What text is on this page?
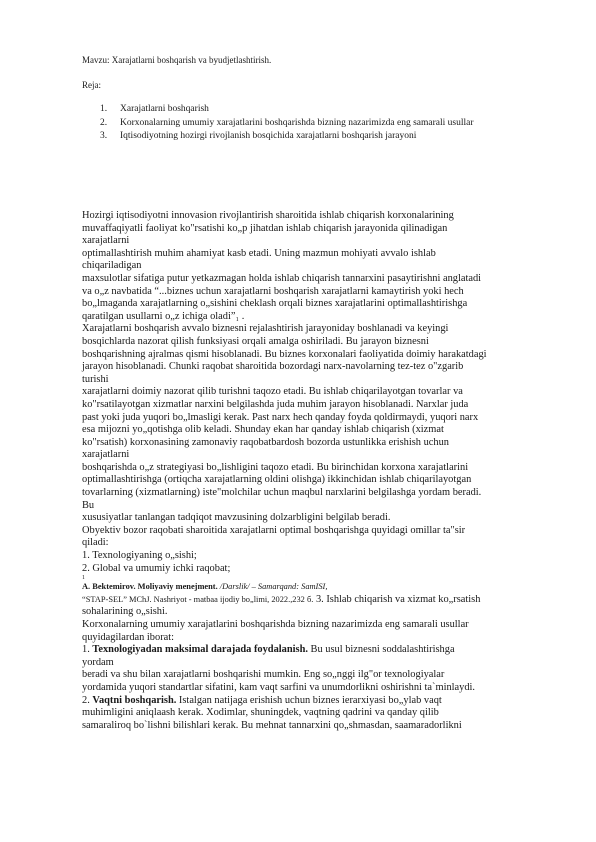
Mavzu: Xarajatlarni boshqarish va byudjetlashtirish.
Reja:
1. Xarajatlarni boshqarish
2. Korxonalarning umumiy xarajatlarini boshqarishda bizning nazarimizda eng samarali usullar
3. Iqtisodiyotning hozirgi rivojlanish bosqichida xarajatlarni boshqarish jarayoni
Hozirgi iqtisodiyotni innovasion rivojlantirish sharoitida ishlab chiqarish korxonalarining
muvaffaqiyatli faoliyat ko"rsatishi ko„p jihatdan ishlab chiqarish jarayonida qilinadigan
xarajatlarni
optimallashtirish muhim ahamiyat kasb etadi. Uning mazmun mohiyati avvalo ishlab
chiqariladigan
maxsulotlar sifatiga putur yetkazmagan holda ishlab chiqarish tannarxini pasaytirishni anglatadi
va o„z navbatida “...biznes uchun xarajatlarni boshqarish xarajatlarni kamaytirish yoki hech
bo„lmaganda xarajatlarning o„sishini cheklash orqali biznes xarajatlarini optimallashtirishga
qaratilgan usullarni o„z ichiga oladi”₁ .
Xarajatlarni boshqarish avvalo biznesni rejalashtirish jarayoniday boshlanadi va keyingi
bosqichlarda nazorat qilish funksiyasi orqali amalga oshiriladi. Bu jarayon biznesni
boshqarishning ajralmas qismi hisoblanadi. Bu biznes korxonalari faoliyatida doimiy harakatdagi
jarayon hisoblanadi. Chunki raqobat sharoitida bozordagi narx-navolarning tez-tez o"zgarib
turishi
xarajatlarni doimiy nazorat qilib turishni taqozo etadi. Bu ishlab chiqarilayotgan tovarlar va
ko"rsatilayotgan xizmatlar narxini belgilashda juda muhim jarayon hisoblanadi. Narxlar juda
past yoki juda yuqori bo„lmasligi kerak. Past narx hech qanday foyda qoldirmaydi, yuqori narx
esa mijozni yo„qotishga olib keladi. Shunday ekan har qanday ishlab chiqarish (xizmat
ko"rsatish) korxonasining zamonaviy raqobatbardosh bozorda ustunlikka erishish uchun
xarajatlarni
boshqarishda o„z strategiyasi bo„lishligini taqozo etadi. Bu birinchidan korxona xarajatlarini
optimallashtirishga (ortiqcha xarajatlarning oldini olishga) ikkinchidan ishlab chiqarilayotgan
tovarlarning (xizmatlarning) iste"molchilar uchun maqbul narxlarini belgilashga yordam beradi.
Bu
xususiyatlar tanlangan tadqiqot mavzusining dolzarbligini belgilab beradi.
Obyektiv bozor raqobati sharoitida xarajatlarni optimal boshqarishga quyidagi omillar ta"sir
qiladi:
1. Texnologiyaning o„sishi;
2. Global va umumiy ichki raqobat;
1
A. Bektemirov. Moliyaviy menejment. /Darslik/ – Samarqand: SamISI,
“STAP-SEL” MChJ. Nashriyot - matbaa ijodiy bo„limi, 2022.,232 б. 3. Ishlab chiqarish va xizmat ko„rsatish
sohalarining o„sishi.
Korxonalarning umumiy xarajatlarini boshqarishda bizning nazarimizda eng samarali usullar
quyidagilardan iborat:
1. Texnologiyadan maksimal darajada foydalanish. Bu usul biznesni soddalashtirishga
yordam
beradi va shu bilan xarajatlarni boshqarishi mumkin. Eng so„nggi ilg"or texnologiyalar
yordamida yuqori standartlar sifatini, kam vaqt sarfini va unumdorlikni oshirishni ta`minlaydi.
2. Vaqtni boshqarish. Istalgan natijaga erishish uchun biznes ierarxiyasi bo„ylab vaqt
muhimligini aniqlaash kerak. Xodimlar, shuningdek, vaqtning qadrini va qanday qilib
samaraliroq bo`lishni bilishlari kerak. Bu mehnat tannarxini qo„shmasdan, saamaradorlikni
